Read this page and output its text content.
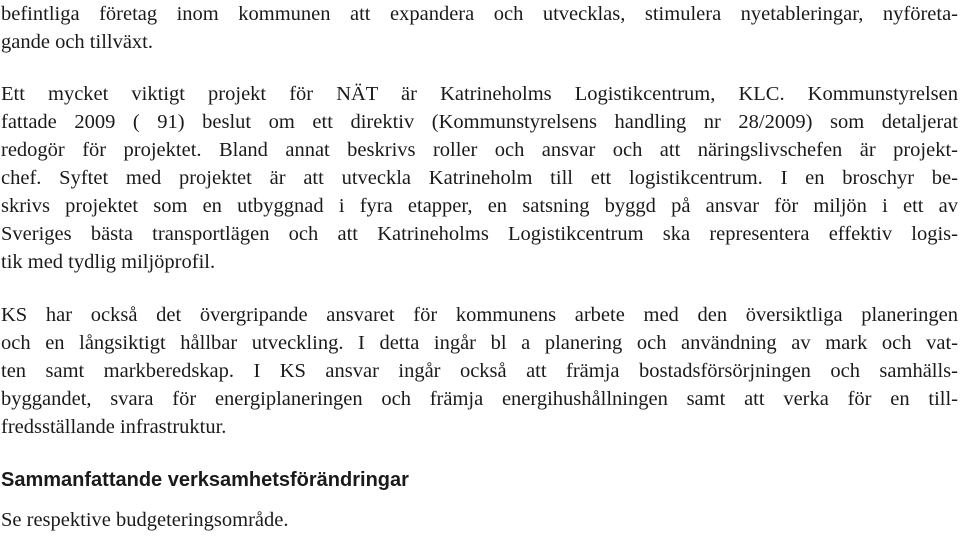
befintliga företag inom kommunen att expandera och utvecklas, stimulera nyetableringar, nyföreta-
gande och tillväxt.
Ett mycket viktigt projekt för NÄT är Katrineholms Logistikcentrum, KLC. Kommunstyrelsen
fattade 2009 ( 91) beslut om ett direktiv (Kommunstyrelsens handling nr 28/2009) som detaljerat
redogör för projektet. Bland annat beskrivs roller och ansvar och att näringslivschefen är projekt-
chef. Syftet med projektet är att utveckla Katrineholm till ett logistikcentrum. I en broschyr be-
skrivs projektet som en utbyggnad i fyra etapper, en satsning byggd på ansvar för miljön i ett av
Sveriges bästa transportlägen och att Katrineholms Logistikcentrum ska representera effektiv logis-
tik med tydlig miljöprofil.
KS har också det övergripande ansvaret för kommunens arbete med den översiktliga planeringen
och en långsiktigt hållbar utveckling. I detta ingår bl a planering och användning av mark och vat-
ten samt markberedskap. I KS ansvar ingår också att främja bostadsförsörjningen och samhälls-
byggandet, svara för energiplaneringen och främja energihushållningen samt att verka för en till-
fredsställande infrastruktur.
Sammanfattande verksamhetsförändringar
Se respektive budgeteringsområde.
